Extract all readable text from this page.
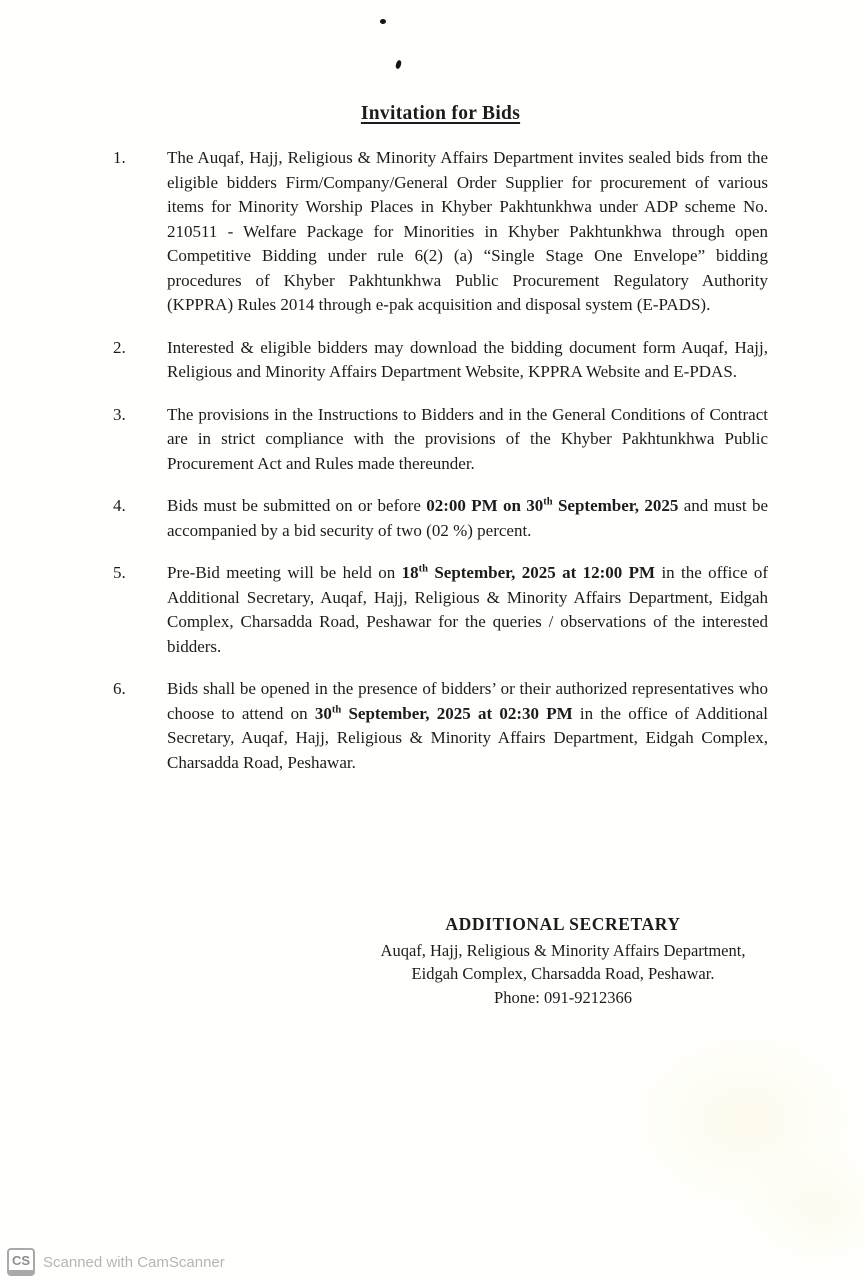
Invitation for Bids
1.	The Auqaf, Hajj, Religious & Minority Affairs Department invites sealed bids from the eligible bidders Firm/Company/General Order Supplier for procurement of various items for Minority Worship Places in Khyber Pakhtunkhwa under ADP scheme No. 210511 - Welfare Package for Minorities in Khyber Pakhtunkhwa through open Competitive Bidding under rule 6(2) (a) “Single Stage One Envelope” bidding procedures of Khyber Pakhtunkhwa Public Procurement Regulatory Authority (KPPRA) Rules 2014 through e-pak acquisition and disposal system (E-PADS).

2.	Interested & eligible bidders may download the bidding document form Auqaf, Hajj, Religious and Minority Affairs Department Website, KPPRA Website and E-PDAS.

3.	The provisions in the Instructions to Bidders and in the General Conditions of Contract are in strict compliance with the provisions of the Khyber Pakhtunkhwa Public Procurement Act and Rules made thereunder.

4.	Bids must be submitted on or before 02:00 PM on 30th September, 2025 and must be accompanied by a bid security of two (02 %) percent.

5.	Pre-Bid meeting will be held on 18th September, 2025 at 12:00 PM in the office of Additional Secretary, Auqaf, Hajj, Religious & Minority Affairs Department, Eidgah Complex, Charsadda Road, Peshawar for the queries / observations of the interested bidders.

6.	Bids shall be opened in the presence of bidders’ or their authorized representatives who choose to attend on 30th September, 2025 at 02:30 PM in the office of Additional Secretary, Auqaf, Hajj, Religious & Minority Affairs Department, Eidgah Complex, Charsadda Road, Peshawar.

ADDITIONAL SECRETARY
Auqaf, Hajj, Religious & Minority Affairs Department,
Eidgah Complex, Charsadda Road, Peshawar.
Phone: 091-9212366
CS Scanned with CamScanner
